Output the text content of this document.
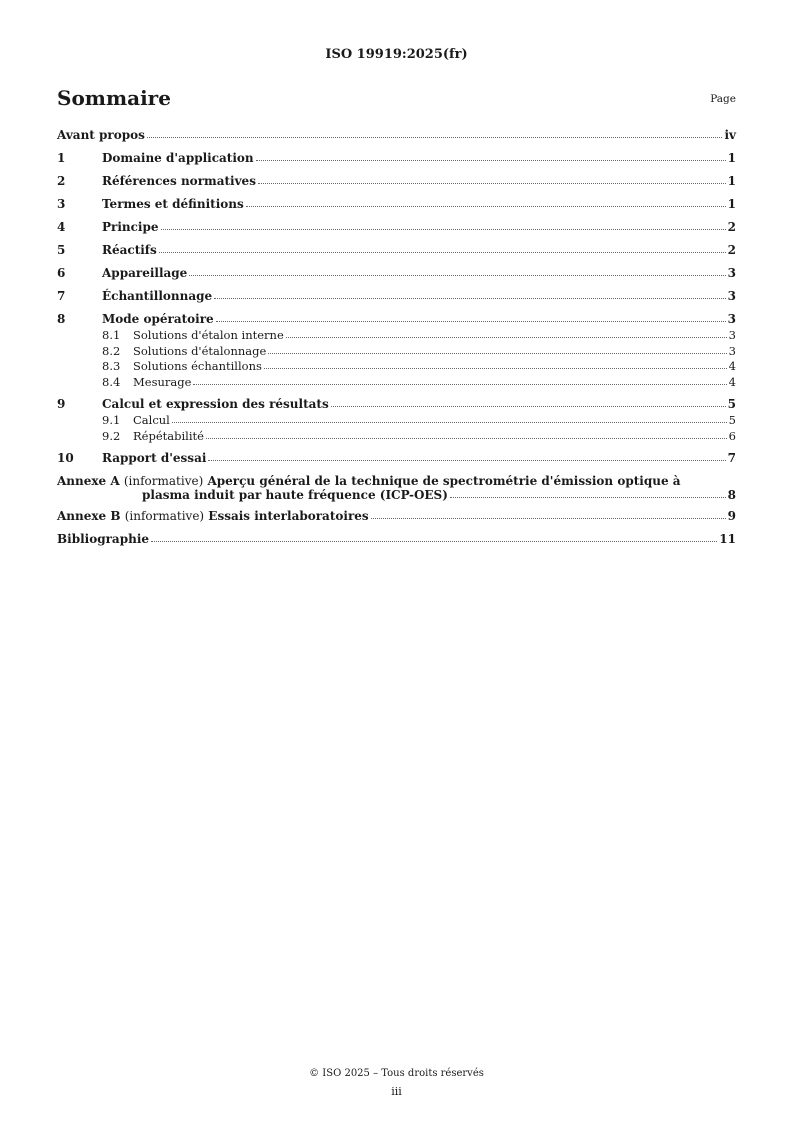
ISO 19919:2025(fr)
Sommaire	Page
Avant propos	iv
1	Domaine d'application	1
2	Références normatives	1
3	Termes et définitions	1
4	Principe	2
5	Réactifs	2
6	Appareillage	3
7	Échantillonnage	3
8	Mode opératoire	3
8.1	Solutions d'étalon interne	3
8.2	Solutions d'étalonnage	3
8.3	Solutions échantillons	4
8.4	Mesurage	4
9	Calcul et expression des résultats	5
9.1	Calcul	5
9.2	Répétabilité	6
10	Rapport d'essai	7
Annexe A (informative) Aperçu général de la technique de spectrométrie d'émission optique à
plasma induit par haute fréquence (ICP-OES)	8
Annexe B (informative) Essais interlaboratoires	9
Bibliographie	11
© ISO 2025 – Tous droits réservés
iii
